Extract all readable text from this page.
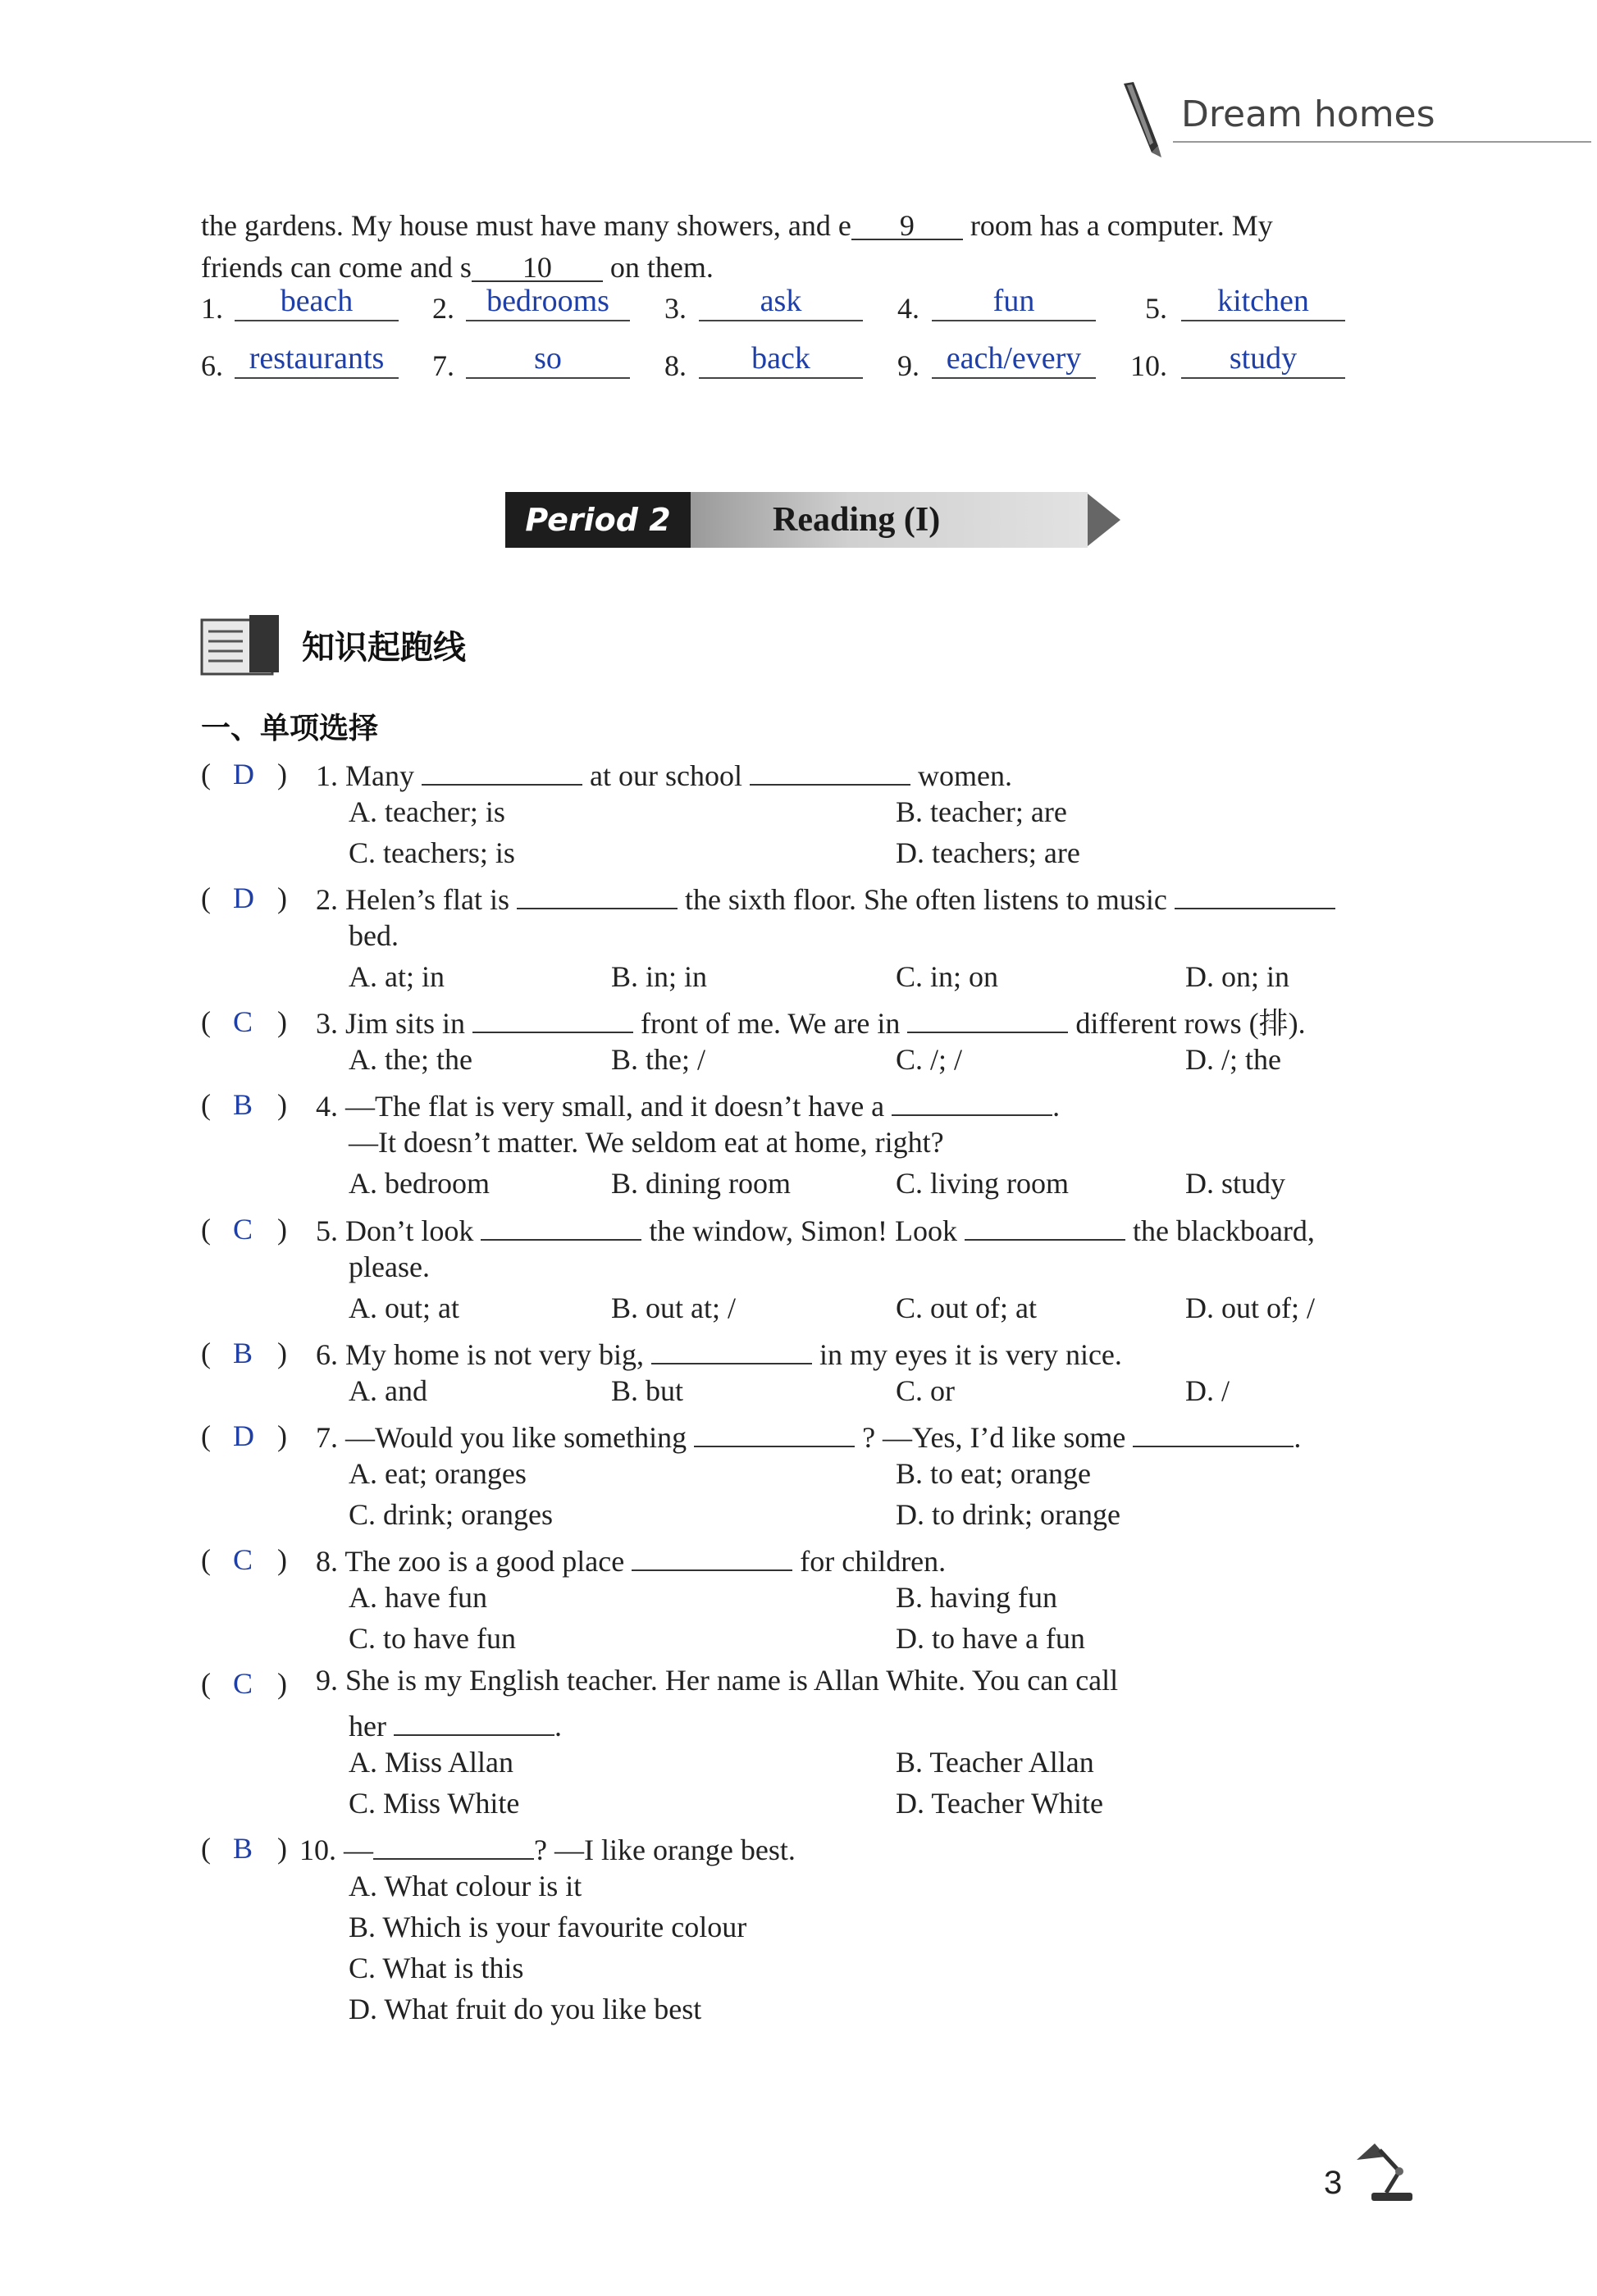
Dream homes
the gardens. My house must have many showers, and e 9 room has a computer. My
friends can come and s 10 on them.
1.	beach	2.	bedrooms	3.	ask	4.	fun	5.	kitchen
6. restaurants	7.	so	8.	back	9. each/every	10.	study
Period 2	Reading (I)
知识起跑线
一、单项选择
( D ) 1. Many	at our school	women.
A. teacher; is	B. teacher; are
C. teachers; is	D. teachers; are
( D ) 2. Helen’s flat is	the sixth floor. She often listens to music
bed.
A. at; in	B. in; in	C. in; on	D. on; in
( C ) 3. Jim sits in	front of me. We are in	different rows (排).
A. the; the	B. the; /	C. /; /	D. /; the
( B ) 4. —The flat is very small, and it doesn’t have a	.
—It doesn’t matter. We seldom eat at home, right?
A. bedroom	B. dining room	C. living room	D. study
( C ) 5. Don’t look	the window, Simon! Look	the blackboard,
please.
A. out; at	B. out at; /	C. out of; at	D. out of; /
( B ) 6. My home is not very big,	in my eyes it is very nice.
A. and	B. but	C. or	D. /
( D ) 7. —Would you like something	? —Yes, I’d like some	.
A. eat; oranges	B. to eat; orange
C. drink; oranges	D. to drink; orange
( C ) 8. The zoo is a good place	for children.
A. have fun	B. having fun
C. to have fun	D. to have a fun
( C ) 9. She is my English teacher. Her name is Allan White. You can call
her	.
A. Miss Allan	B. Teacher Allan
C. Miss White	D. Teacher White
( B ) 10. —	? —I like orange best.
A. What colour is it
B. Which is your favourite colour
C. What is this
D. What fruit do you like best
3
